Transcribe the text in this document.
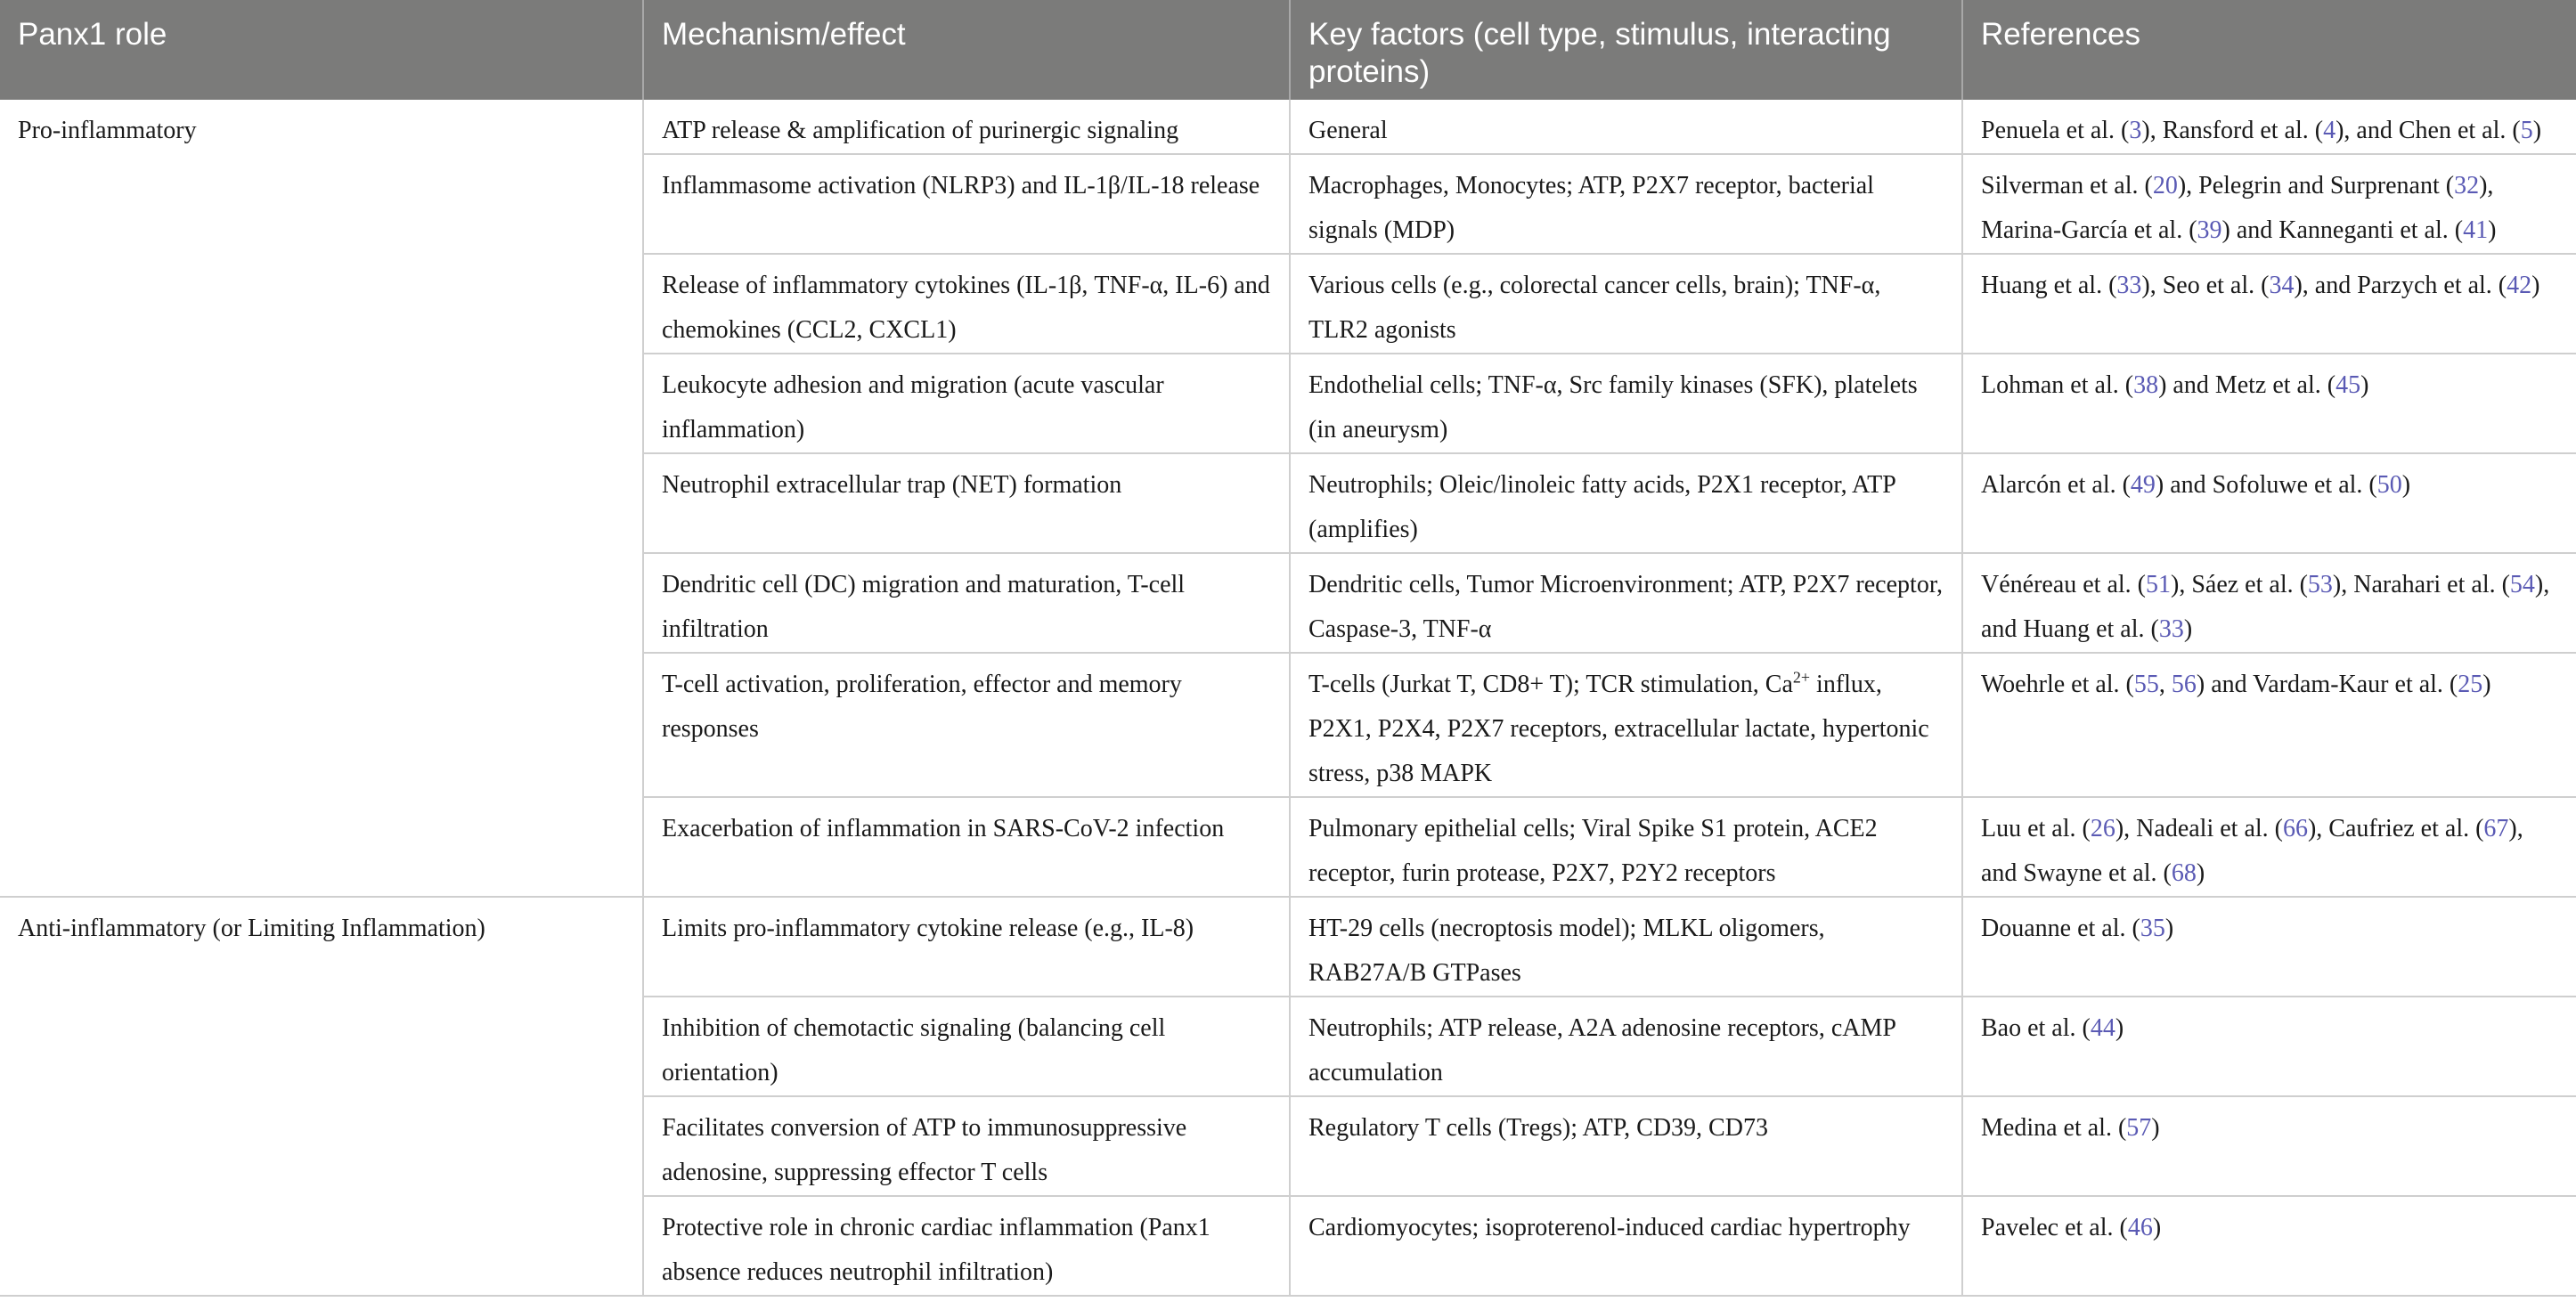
Panx1 role	Mechanism/effect	Key factors (cell type, stimulus, interacting proteins)	References
Pro-inflammatory	ATP release & amplification of purinergic signaling	General	Penuela et al. (3), Ransford et al. (4), and Chen et al. (5)
	Inflammasome activation (NLRP3) and IL-1β/IL-18 release	Macrophages, Monocytes; ATP, P2X7 receptor, bacterial signals (MDP)	Silverman et al. (20), Pelegrin and Surprenant (32), Marina-García et al. (39) and Kanneganti et al. (41)
	Release of inflammatory cytokines (IL-1β, TNF-α, IL-6) and chemokines (CCL2, CXCL1)	Various cells (e.g., colorectal cancer cells, brain); TNF-α, TLR2 agonists	Huang et al. (33), Seo et al. (34), and Parzych et al. (42)
	Leukocyte adhesion and migration (acute vascular inflammation)	Endothelial cells; TNF-α, Src family kinases (SFK), platelets (in aneurysm)	Lohman et al. (38) and Metz et al. (45)
	Neutrophil extracellular trap (NET) formation	Neutrophils; Oleic/linoleic fatty acids, P2X1 receptor, ATP (amplifies)	Alarcón et al. (49) and Sofoluwe et al. (50)
	Dendritic cell (DC) migration and maturation, T-cell infiltration	Dendritic cells, Tumor Microenvironment; ATP, P2X7 receptor, Caspase-3, TNF-α	Vénéreau et al. (51), Sáez et al. (53), Narahari et al. (54), and Huang et al. (33)
	T-cell activation, proliferation, effector and memory responses	T-cells (Jurkat T, CD8+ T); TCR stimulation, $Ca^{2+}$ influx, P2X1, P2X4, P2X7 receptors, extracellular lactate, hypertonic stress, p38 MAPK	Woehrle et al. (55, 56) and Vardam-Kaur et al. (25)
	Exacerbation of inflammation in SARS-CoV-2 infection	Pulmonary epithelial cells; Viral Spike S1 protein, ACE2 receptor, furin protease, P2X7, P2Y2 receptors	Luu et al. (26), Nadeali et al. (66), Caufriez et al. (67), and Swayne et al. (68)
Anti-inflammatory (or Limiting Inflammation)	Limits pro-inflammatory cytokine release (e.g., IL-8)	HT-29 cells (necroptosis model); MLKL oligomers, RAB27A/B GTPases	Douanne et al. (35)
	Inhibition of chemotactic signaling (balancing cell orientation)	Neutrophils; ATP release, A2A adenosine receptors, cAMP accumulation	Bao et al. (44)
	Facilitates conversion of ATP to immunosuppressive adenosine, suppressing effector T cells	Regulatory T cells (Tregs); ATP, CD39, CD73	Medina et al. (57)
	Protective role in chronic cardiac inflammation (Panx1 absence reduces neutrophil infiltration)	Cardiomyocytes; isoproterenol-induced cardiac hypertrophy	Pavelec et al. (46)
